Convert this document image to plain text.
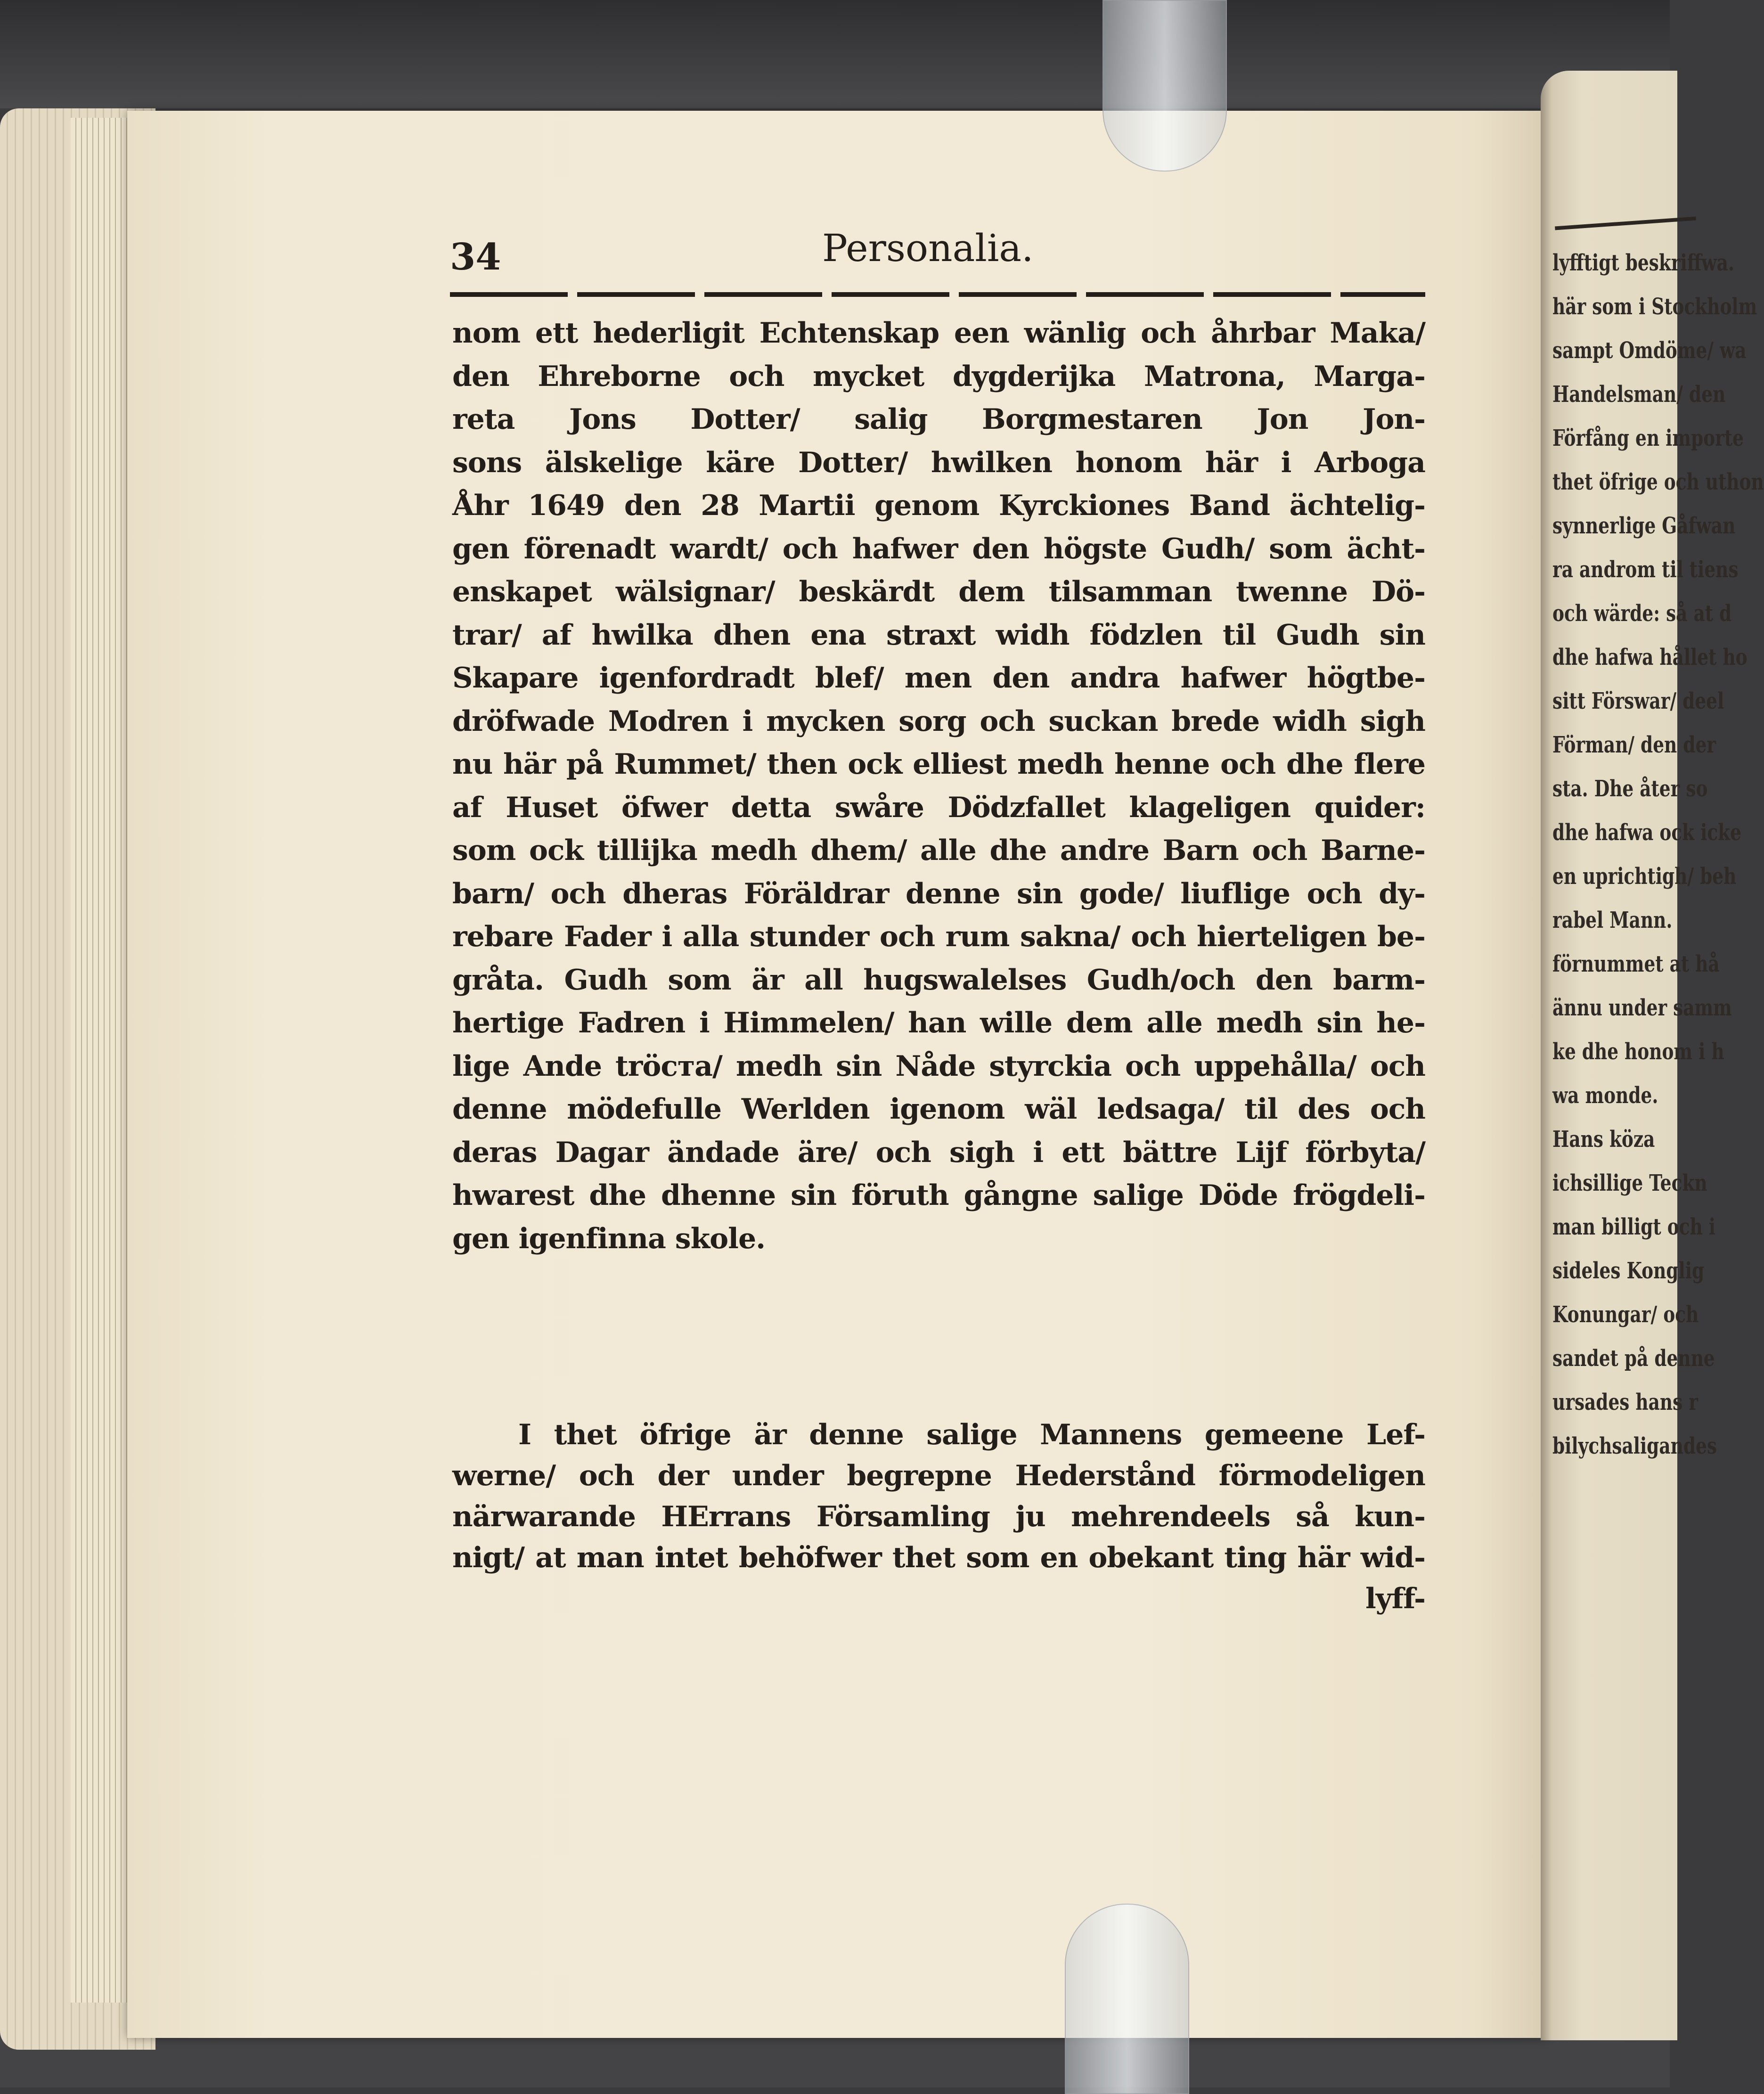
34	Personalia.
nom ett hederligit Echtenskap een wänlig och åhrbar Maka/
den Ehreborne och mycket dygderijka Matrona, Marga-
reta Jons Dotter/ salig Borgmestaren Jon Jon-
sons älskelige käre Dotter/ hwilken honom här i Arboga
Åhr 1649 den 28 Martii genom Kyrckiones Band ächtelig-
gen förenadt wardt/ och hafwer den högste Gudh/ som ächt-
enskapet wälsignar/ beskärdt dem tilsamman twenne Dö-
trar/ af hwilka dhen ena straxt widh födzlen til Gudh sin
Skapare igenfordradt blef/ men den andra hafwer högtbe-
dröfwade Modren i mycken sorg och suckan brede widh sigh
nu här på Rummet/ then ock elliest medh henne och dhe flere
af Huset öfwer detta swåre Dödzfallet klageligen quider:
som ock tillijka medh dhem/ alle dhe andre Barn och Barne-
barn/ och dheras Föräldrar denne sin gode/ liuflige och dy-
rebare Fader i alla stunder och rum sakna/ och hierteligen be-
gråta. Gudh som är all hugswalelses Gudh/och den barm-
hertige Fadren i Himmelen/ han wille dem alle medh sin he-
lige Ande tröста/ medh sin Nåde styrckia och uppehålla/ och
denne mödefulle Werlden igenom wäl ledsaga/ til des och
deras Dagar ändade äre/ och sigh i ett bättre Lijf förbyta/
hwarest dhe dhenne sin föruth gångne salige Döde frögdeli-
gen igenfinna skole.
I thet öfrige är denne salige Mannens gemeene Lef-
werne/ och der under begrepne Hederstånd förmodeligen
närwarande HErrans Församling ju mehrendeels så kun-
nigt/ at man intet behöfwer thet som en obekant ting här wid-
lyff-
lyfftigt beskriffwa.
här som i Stockholm
sampt Omdöme/ wa
Handelsman/ den
Förfång en importe
thet öfrige och uthon
synnerlige Gåfwan
ra androm til tiens
och wärde: så at d
dhe hafwa hållet ho
sitt Förswar/ deel
Förman/ den der
sta. Dhe åter so
dhe hafwa ock icke
en uprichtigh/ beh
rabel Mann.
förnummet at hå
ännu under samm
ke dhe honom i h
wa monde.
Hans köza
ichsillige Teckn
man billigt och i
sideles Konglig
Konungar/ och
sandet på denne
ursades hans r
bilychsaligandes
